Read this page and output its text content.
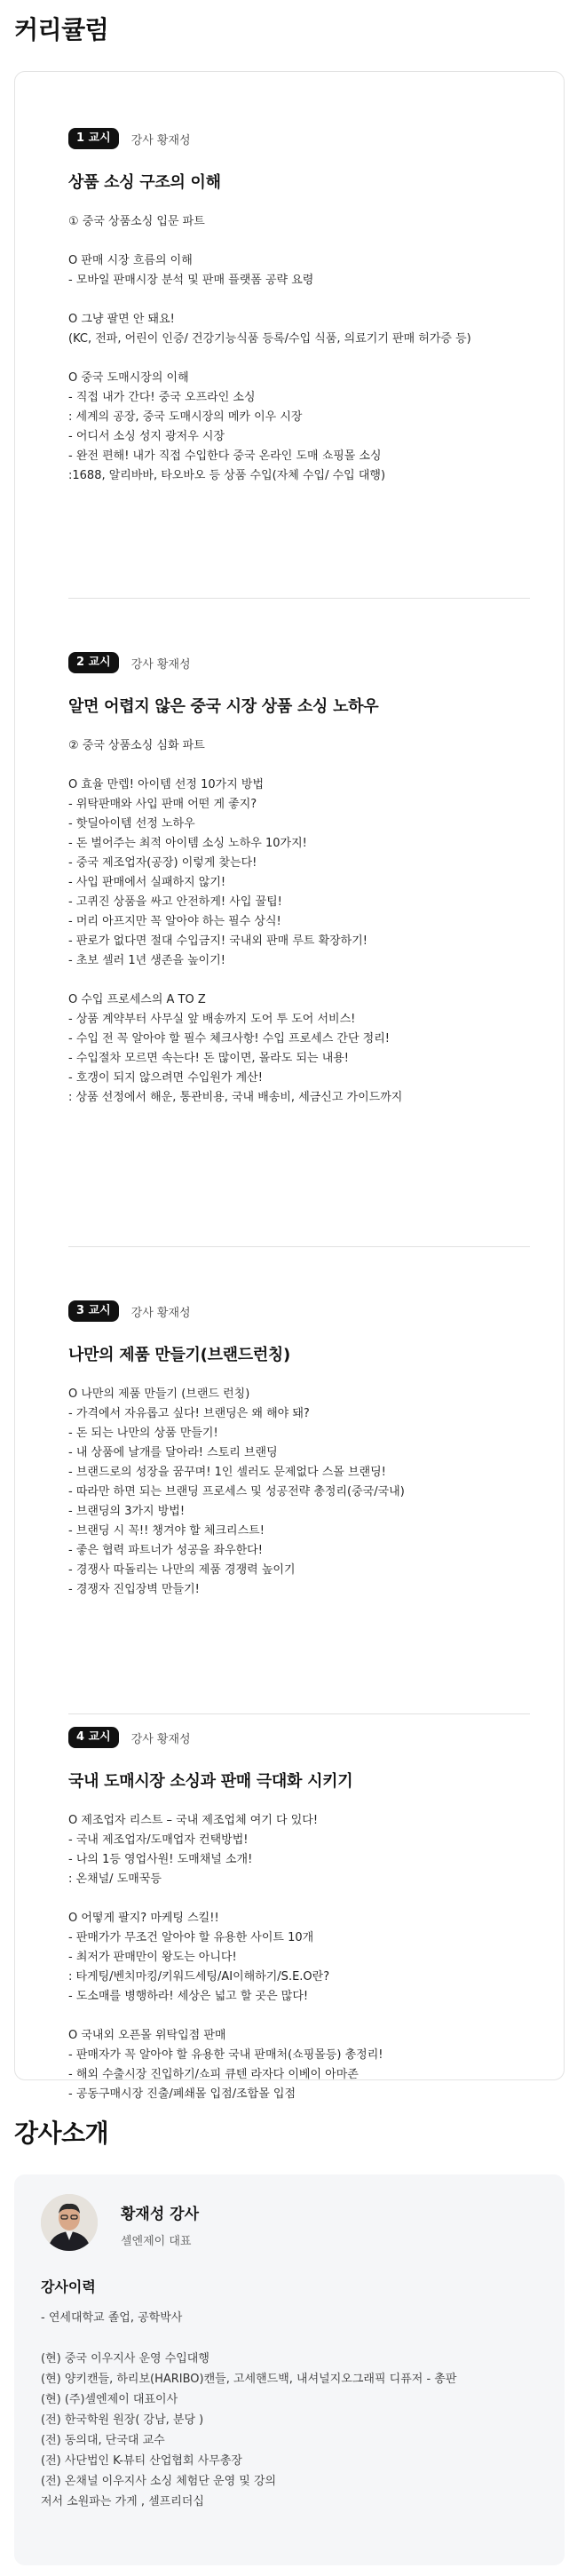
커리큘럼
1 교시	강사 황재성
상품 소싱 구조의 이해
① 중국 상품소싱 입문 파트
O 판매 시장 흐름의 이해
- 모바일 판매시장 분석 및 판매 플랫폼 공략 요령
O 그냥 팔면 안 돼요!
(KC, 전파, 어린이 인증/ 건강기능식품 등록/수입 식품, 의료기기 판매 허가증 등)
O 중국 도매시장의 이해
- 직접 내가 간다! 중국 오프라인 소싱
: 세계의 공장, 중국 도매시장의 메카 이우 시장
- 어디서 소싱 성지 광저우 시장
- 완전 편해! 내가 직접 수입한다 중국 온라인 도매 쇼핑몰 소싱
:1688, 알리바바, 타오바오 등 상품 수입(자체 수입/ 수입 대행)
2 교시	강사 황재성
알면 어렵지 않은 중국 시장 상품 소싱 노하우
② 중국 상품소싱 심화 파트
O 효율 만렙! 아이템 선정 10가지 방법
- 위탁판매와 사입 판매 어떤 게 좋지?
- 핫딜아이템 선정 노하우
- 돈 벌어주는 최적 아이템 소싱 노하우 10가지!
- 중국 제조업자(공장) 이렇게 찾는다!
- 사입 판매에서 실패하지 않기!
- 고퀴진 상품을 싸고 안전하게! 사입 꿀팁!
- 머리 아프지만 꼭 알아야 하는 필수 상식!
- 판로가 없다면 절대 수입금지! 국내외 판매 루트 확장하기!
- 초보 셀러 1년 생존을 높이기!
O 수입 프로세스의 A TO Z
- 상품 계약부터 사무실 앞 배송까지 도어 투 도어 서비스!
- 수입 전 꼭 알아야 할 필수 체크사항! 수입 프로세스 간단 정리!
- 수입절차 모르면 속는다! 돈 많이면, 몰라도 되는 내용!
- 호갱이 되지 않으려면 수입원가 계산!
: 상품 선정에서 해운, 통관비용, 국내 배송비, 세금신고 가이드까지
3 교시	강사 황재성
나만의 제품 만들기(브랜드런칭)
O 나만의 제품 만들기 (브랜드 런칭)
- 가격에서 자유롭고 싶다! 브랜딩은 왜 해야 돼?
- 돈 되는 나만의 상품 만들기!
- 내 상품에 날개를 달아라! 스토리 브랜딩
- 브랜드로의 성장을 꿈꾸며! 1인 셀러도 문제없다 스몰 브랜딩!
- 따라만 하면 되는 브랜딩 프로세스 및 성공전략 총정리(중국/국내)
- 브랜딩의 3가지 방법!
- 브랜딩 시 꼭!! 챙겨야 할 체크리스트!
- 좋은 협력 파트너가 성공을 좌우한다!
- 경쟁사 따돌리는 나만의 제품 경쟁력 높이기
- 경쟁자 진입장벽 만들기!
4 교시	강사 황재성
국내 도매시장 소싱과 판매 극대화 시키기
O 제조업자 리스트 – 국내 제조업체 여기 다 있다!
- 국내 제조업자/도매업자 컨택방법!
- 나의 1등 영업사원! 도매채널 소개!
: 온채널/ 도매꾹등
O 어떻게 팔지? 마케팅 스킬!!
- 판매가가 무조건 알아야 할 유용한 사이트 10개
- 최저가 판매만이 왕도는 아니다!
: 타게팅/벤치마킹/키워드세팅/AI이해하기/S.E.O란?
- 도소매를 병행하라! 세상은 넓고 할 곳은 많다!
O 국내외 오픈몰 위탁입점 판매
- 판매자가 꼭 알아야 할 유용한 국내 판매처(쇼핑몰등) 총정리!
- 해외 수출시장 진입하기/쇼피 큐텐 라자다 이베이 아마존
- 공동구매시장 진출/폐쇄몰 입점/조합몰 입점
강사소개
황재성 강사
셀엔제이 대표
강사이력
- 연세대학교 졸업, 공학박사
(현) 중국 이우지사 운영 수입대행
(현) 양키캔들, 하리보(HARIBO)캔들, 고세핸드백, 내셔널지오그래픽 디퓨저 - 총판
(현) (주)셀엔제이 대표이사
(전) 한국학원 원장( 강남, 분당 )
(전) 동의대, 단국대 교수
(전) 사단법인 K-뷰티 산업협회 사무총장
(전) 온채널 이우지사 소싱 체험단 운영 및 강의
저서 소원파는 가게 , 셀프리더십
